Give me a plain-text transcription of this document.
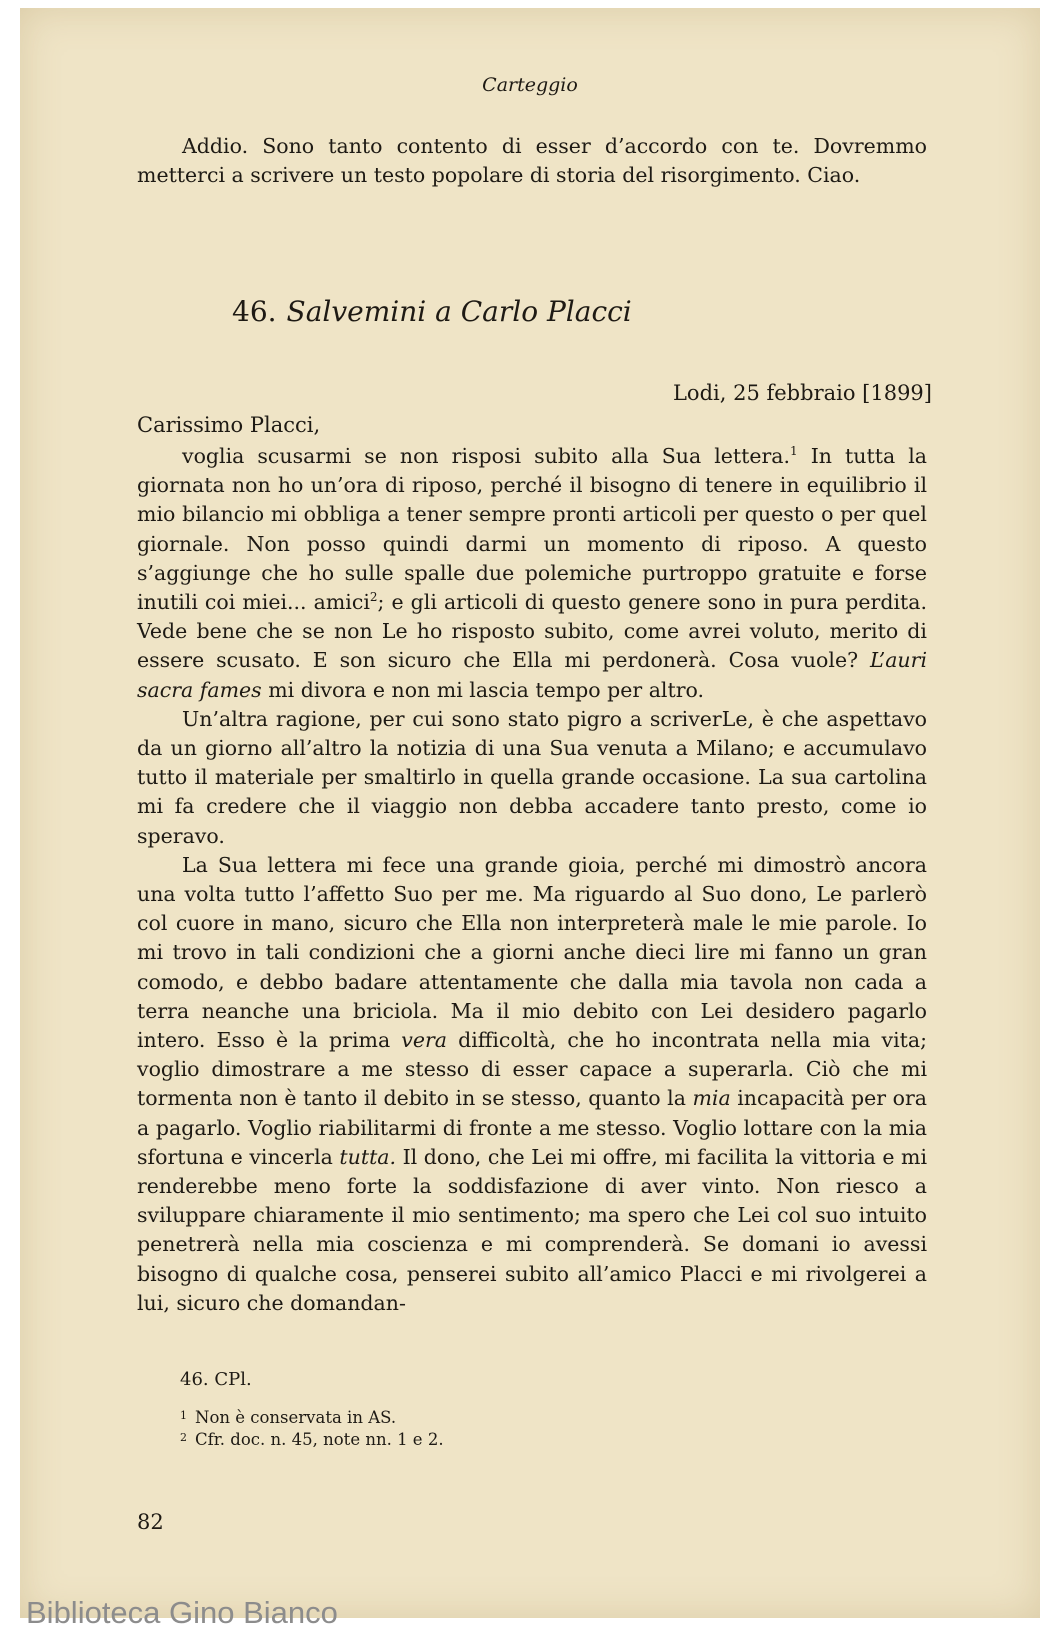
Carteggio

Addio. Sono tanto contento di esser d’accordo con te. Dovremmo metterci a scrivere un testo popolare di storia del risorgimento. Ciao.

46. Salvemini a Carlo Placci
Lodi, 25 febbraio [1899]
Carissimo Placci,

voglia scusarmi se non risposi subito alla Sua lettera.$^1$ In tutta la giornata non ho un’ora di riposo, perché il bisogno di tenere in equilibrio il mio bilancio mi obbliga a tener sempre pronti articoli per questo o per quel giornale. Non posso quindi darmi un momento di riposo. A questo s’aggiunge che ho sulle spalle due polemiche purtroppo gratuite e forse inutili coi miei... amici$^2$; e gli articoli di questo genere sono in pura perdita. Vede bene che se non Le ho risposto subito, come avrei voluto, merito di essere scusato. E son sicuro che Ella mi perdonerà. Cosa vuole? L’auri sacra fames mi divora e non mi lascia tempo per altro.

Un’altra ragione, per cui sono stato pigro a scriverLe, è che aspettavo da un giorno all’altro la notizia di una Sua venuta a Milano; e accumulavo tutto il materiale per smaltirlo in quella grande occasione. La sua cartolina mi fa credere che il viaggio non debba accadere tanto presto, come io speravo.

La Sua lettera mi fece una grande gioia, perché mi dimostrò ancora una volta tutto l’affetto Suo per me. Ma riguardo al Suo dono, Le parlerò col cuore in mano, sicuro che Ella non interpreterà male le mie parole. Io mi trovo in tali condizioni che a giorni anche dieci lire mi fanno un gran comodo, e debbo badare attentamente che dalla mia tavola non cada a terra neanche una briciola. Ma il mio debito con Lei desidero pagarlo intero. Esso è la prima vera difficoltà, che ho incontrata nella mia vita; voglio dimostrare a me stesso di esser capace a superarla. Ciò che mi tormenta non è tanto il debito in se stesso, quanto la mia incapacità per ora a pagarlo. Voglio riabilitarmi di fronte a me stesso. Voglio lottare con la mia sfortuna e vincerla tutta. Il dono, che Lei mi offre, mi facilita la vittoria e mi renderebbe meno forte la soddisfazione di aver vinto. Non riesco a sviluppare chiaramente il mio sentimento; ma spero che Lei col suo intuito penetrerà nella mia coscienza e mi comprenderà. Se domani io avessi bisogno di qualche cosa, penserei subito all’amico Placci e mi rivolgerei a lui, sicuro che domandan-

46. CPl.
$^1$ Non è conservata in AS.
$^2$ Cfr. doc. n. 45, note nn. 1 e 2.
82
Biblioteca Gino Bianco
